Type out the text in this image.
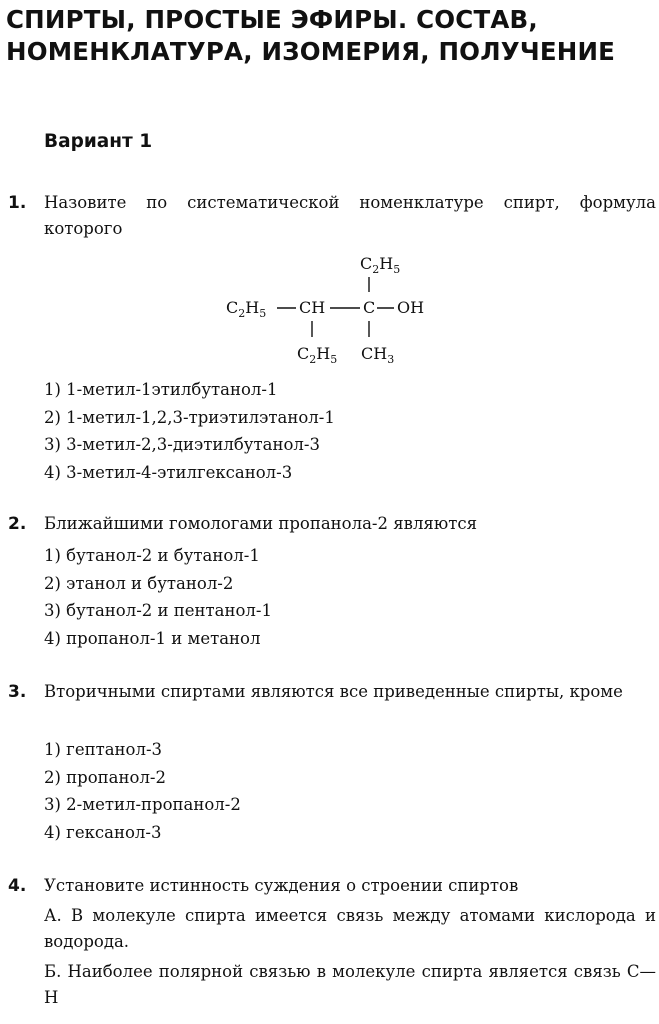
СПИРТЫ, ПРОСТЫЕ ЭФИРЫ. СОСТАВ,
НОМЕНКЛАТУРА, ИЗОМЕРИЯ, ПОЛУЧЕНИЕ
Вариант 1
1. Назовите по систематической номенклатуре спирт, формула которого
$C_2H_5$
$C_2H_5$ CH C OH
$C_2H_5$ $CH_3$
1) 1-метил-1этилбутанол-1
2) 1-метил-1,2,3-триэтилэтанол-1
3) 3-метил-2,3-диэтилбутанол-3
4) 3-метил-4-этилгексанол-3
2. Ближайшими гомологами пропанола-2 являются
1) бутанол-2 и бутанол-1
2) этанол и бутанол-2
3) бутанол-2 и пентанол-1
4) пропанол-1 и метанол
3. Вторичными спиртами являются все приведенные спирты, кроме
1) гептанол-3
2) пропанол-2
3) 2-метил-пропанол-2
4) гексанол-3
4. Установите истинность суждения о строении спиртов
А. В молекуле спирта имеется связь между атомами кислорода и водорода.
Б. Наиболее полярной связью в молекуле спирта является связь С—Н
